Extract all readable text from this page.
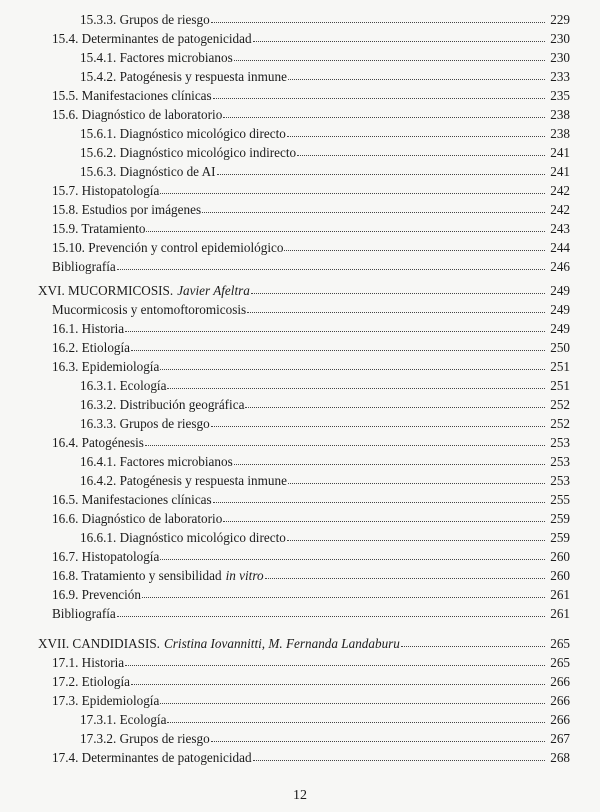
15.3.3. Grupos de riesgo	229
15.4. Determinantes de patogenicidad	230
15.4.1. Factores microbianos	230
15.4.2. Patogénesis y respuesta inmune	233
15.5. Manifestaciones clínicas	235
15.6. Diagnóstico de laboratorio	238
15.6.1. Diagnóstico micológico directo	238
15.6.2. Diagnóstico micológico indirecto	241
15.6.3. Diagnóstico de AI	241
15.7. Histopatología	242
15.8. Estudios por imágenes	242
15.9. Tratamiento	243
15.10. Prevención y control epidemiológico	244
Bibliografía	246
XVI. MUCORMICOSIS. Javier Afeltra	249
Mucormicosis y entomoftoromicosis	249
16.1. Historia	249
16.2. Etiología	250
16.3. Epidemiología	251
16.3.1. Ecología	251
16.3.2. Distribución geográfica	252
16.3.3. Grupos de riesgo	252
16.4. Patogénesis	253
16.4.1. Factores microbianos	253
16.4.2. Patogénesis y respuesta inmune	253
16.5. Manifestaciones clínicas	255
16.6. Diagnóstico de laboratorio	259
16.6.1. Diagnóstico micológico directo	259
16.7. Histopatología	260
16.8. Tratamiento y sensibilidad in vitro	260
16.9. Prevención	261
Bibliografía	261
XVII. CANDIDIASIS. Cristina Iovannitti, M. Fernanda Landaburu	265
17.1. Historia	265
17.2. Etiología	266
17.3. Epidemiología	266
17.3.1. Ecología	266
17.3.2. Grupos de riesgo	267
17.4. Determinantes de patogenicidad	268
12
